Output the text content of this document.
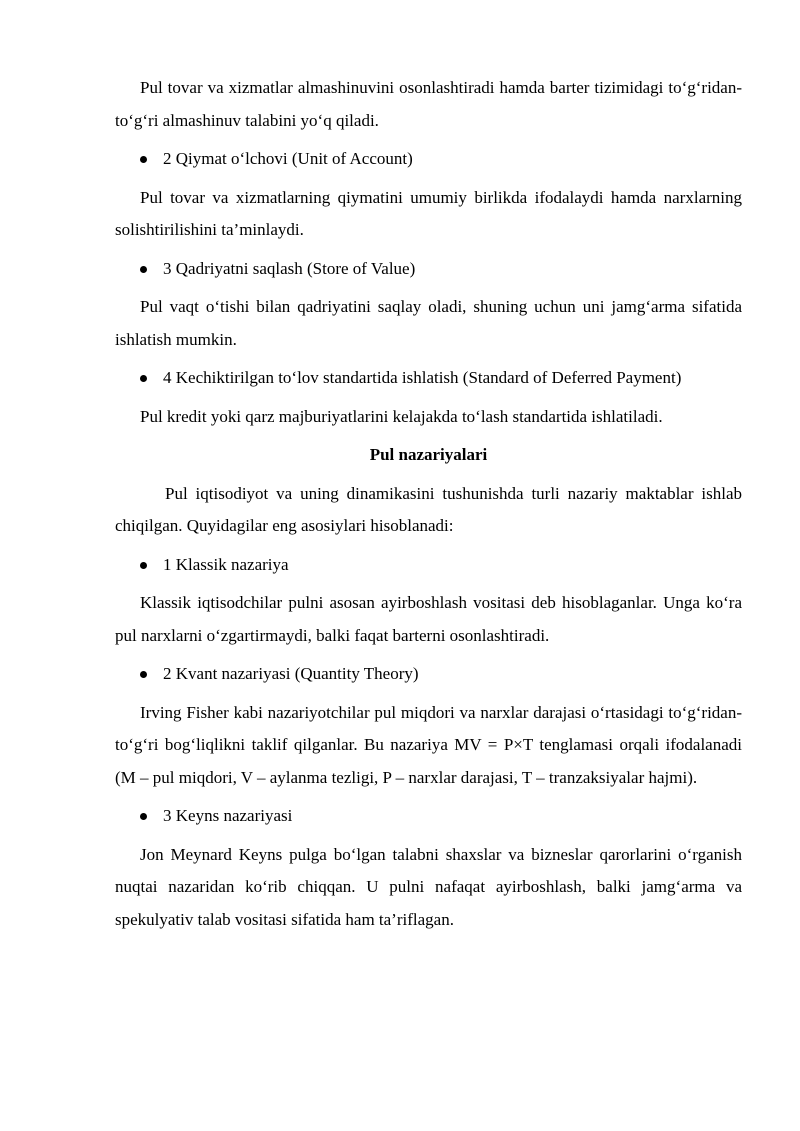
Pul tovar va xizmatlar almashinuvini osonlashtiradi hamda barter tizimidagi to‘g‘ridan-to‘g‘ri almashinuv talabini yo‘q qiladi.

2 Qiymat o‘lchovi (Unit of Account)

Pul tovar va xizmatlarning qiymatini umumiy birlikda ifodalaydi hamda narxlarning solishtirilishini ta’minlaydi.

3 Qadriyatni saqlash (Store of Value)

Pul vaqt o‘tishi bilan qadriyatini saqlay oladi, shuning uchun uni jamg‘arma sifatida ishlatish mumkin.

4 Kechiktirilgan to‘lov standartida ishlatish (Standard of Deferred Payment)

Pul kredit yoki qarz majburiyatlarini kelajakda to‘lash standartida ishlatiladi.

Pul nazariyalari

Pul iqtisodiyot va uning dinamikasini tushunishda turli nazariy maktablar ishlab chiqilgan. Quyidagilar eng asosiylari hisoblanadi:

1 Klassik nazariya

Klassik iqtisodchilar pulni asosan ayirboshlash vositasi deb hisoblaganlar. Unga ko‘ra pul narxlarni o‘zgartirmaydi, balki faqat barterni osonlashtiradi.

2 Kvant nazariyasi (Quantity Theory)

Irving Fisher kabi nazariyotchilar pul miqdori va narxlar darajasi o‘rtasidagi to‘g‘ridan-to‘g‘ri bog‘liqlikni taklif qilganlar. Bu nazariya MV = P×T tenglamasi orqali ifodalanadi (M – pul miqdori, V – aylanma tezligi, P – narxlar darajasi, T – tranzaksiyalar hajmi).

3 Keyns nazariyasi

Jon Meynard Keyns pulga bo‘lgan talabni shaxslar va bizneslar qarorlarini o‘rganish nuqtai nazaridan ko‘rib chiqqan. U pulni nafaqat ayirboshlash, balki jamg‘arma va spekulyativ talab vositasi sifatida ham ta’riflagan.
